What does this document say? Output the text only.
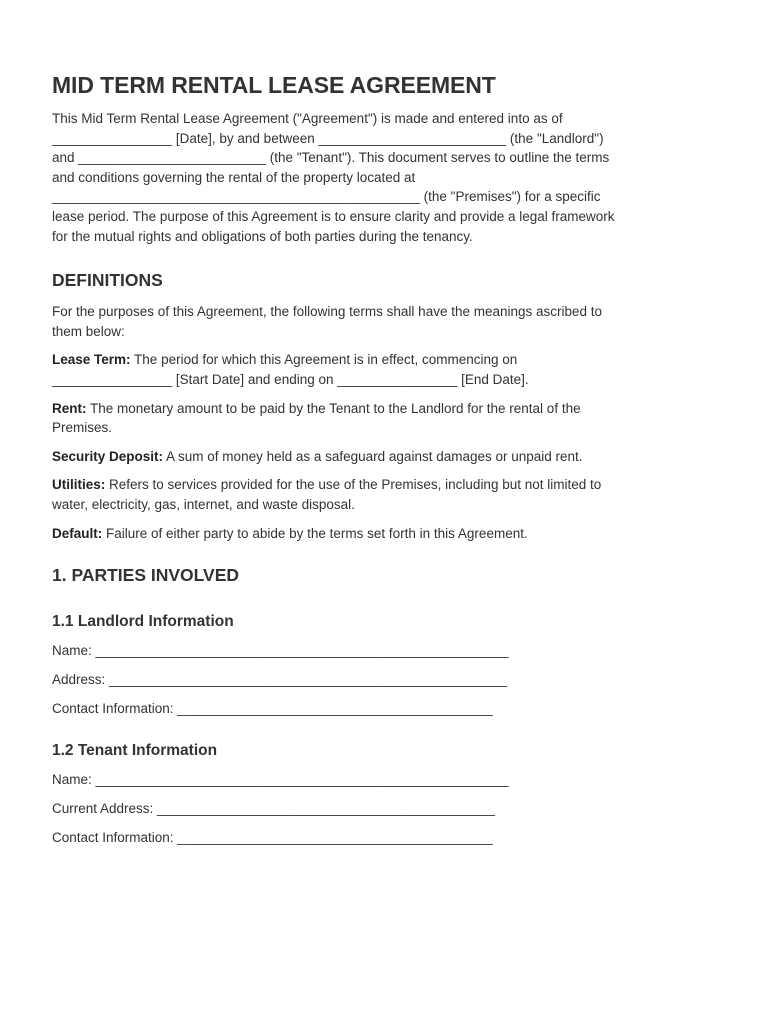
MID TERM RENTAL LEASE AGREEMENT

This Mid Term Rental Lease Agreement ("Agreement") is made and entered into as of
________________ [Date], by and between _________________________ (the "Landlord")
and _________________________ (the "Tenant"). This document serves to outline the terms
and conditions governing the rental of the property located at
_________________________________________________ (the "Premises") for a specific
lease period. The purpose of this Agreement is to ensure clarity and provide a legal framework
for the mutual rights and obligations of both parties during the tenancy.

DEFINITIONS

For the purposes of this Agreement, the following terms shall have the meanings ascribed to
them below:

Lease Term: The period for which this Agreement is in effect, commencing on
________________ [Start Date] and ending on ________________ [End Date].

Rent: The monetary amount to be paid by the Tenant to the Landlord for the rental of the
Premises.

Security Deposit: A sum of money held as a safeguard against damages or unpaid rent.

Utilities: Refers to services provided for the use of the Premises, including but not limited to
water, electricity, gas, internet, and waste disposal.

Default: Failure of either party to abide by the terms set forth in this Agreement.

1. PARTIES INVOLVED
1.1 Landlord Information

Name: _______________________________________________________

Address: _____________________________________________________

Contact Information: __________________________________________

1.2 Tenant Information

Name: _______________________________________________________

Current Address: _____________________________________________

Contact Information: __________________________________________
